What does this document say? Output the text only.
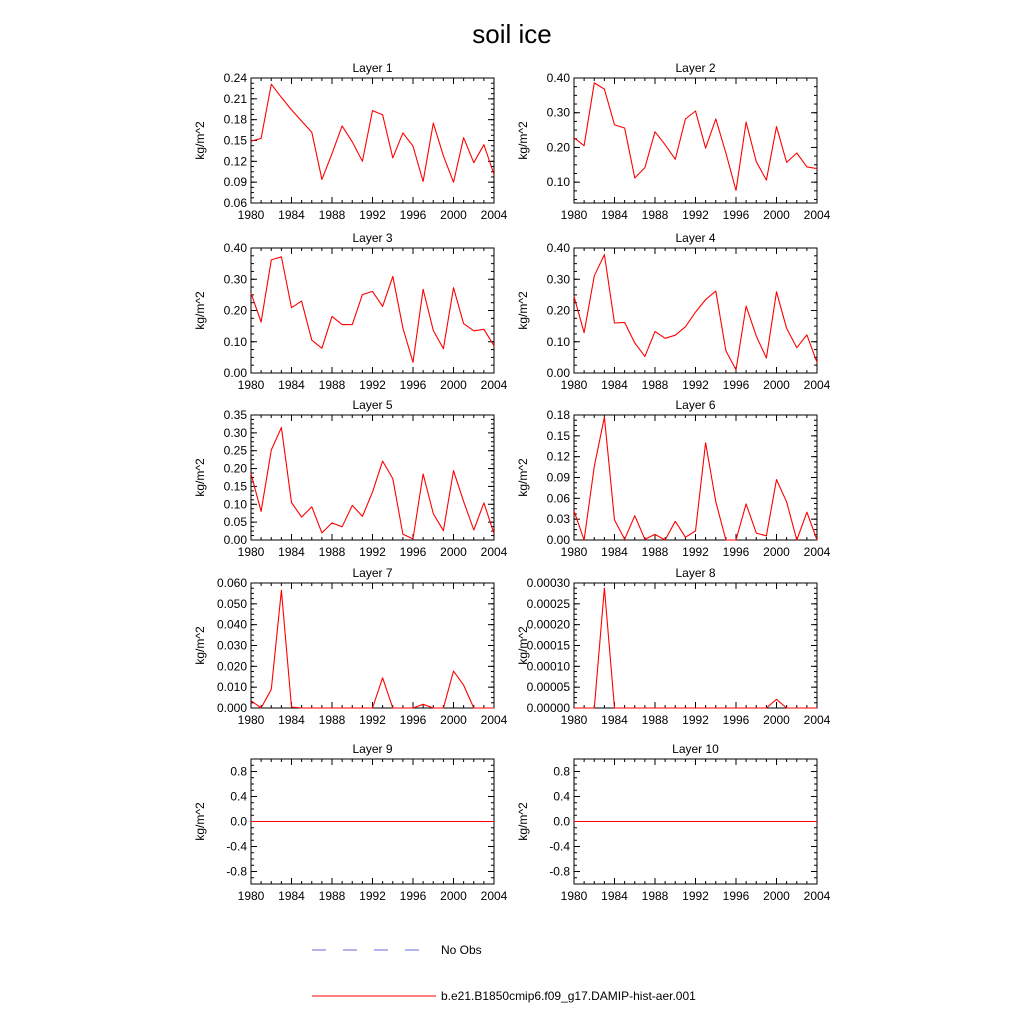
soil ice
Layer 1
kg/m^2
1980 1984 1988 1992 1996 2000 2004
0.06
0.09
0.12
0.15
0.18
0.21
0.24
Layer 2
kg/m^2
1980 1984 1988 1992 1996 2000 2004
0.10
0.20
0.30
0.40
Layer 3
kg/m^2
1980 1984 1988 1992 1996 2000 2004
0.00
0.10
0.20
0.30
0.40
Layer 4
kg/m^2
1980 1984 1988 1992 1996 2000 2004
0.00
0.10
0.20
0.30
0.40
Layer 5
kg/m^2
1980 1984 1988 1992 1996 2000 2004
0.00
0.05
0.10
0.15
0.20
0.25
0.30
0.35
Layer 6
kg/m^2
1980 1984 1988 1992 1996 2000 2004
0.00
0.03
0.06
0.09
0.12
0.15
0.18
Layer 7
kg/m^2
1980 1984 1988 1992 1996 2000 2004
0.000
0.010
0.020
0.030
0.040
0.050
0.060
Layer 8
kg/m^2
1980 1984 1988 1992 1996 2000 2004
0.00000
0.00005
0.00010
0.00015
0.00020
0.00025
0.00030
Layer 9
kg/m^2
1980 1984 1988 1992 1996 2000 2004
-0.8
-0.4
0.0
0.4
0.8
Layer 10
kg/m^2
1980 1984 1988 1992 1996 2000 2004
-0.8
-0.4
0.0
0.4
0.8
No Obs
b.e21.B1850cmip6.f09_g17.DAMIP-hist-aer.001
